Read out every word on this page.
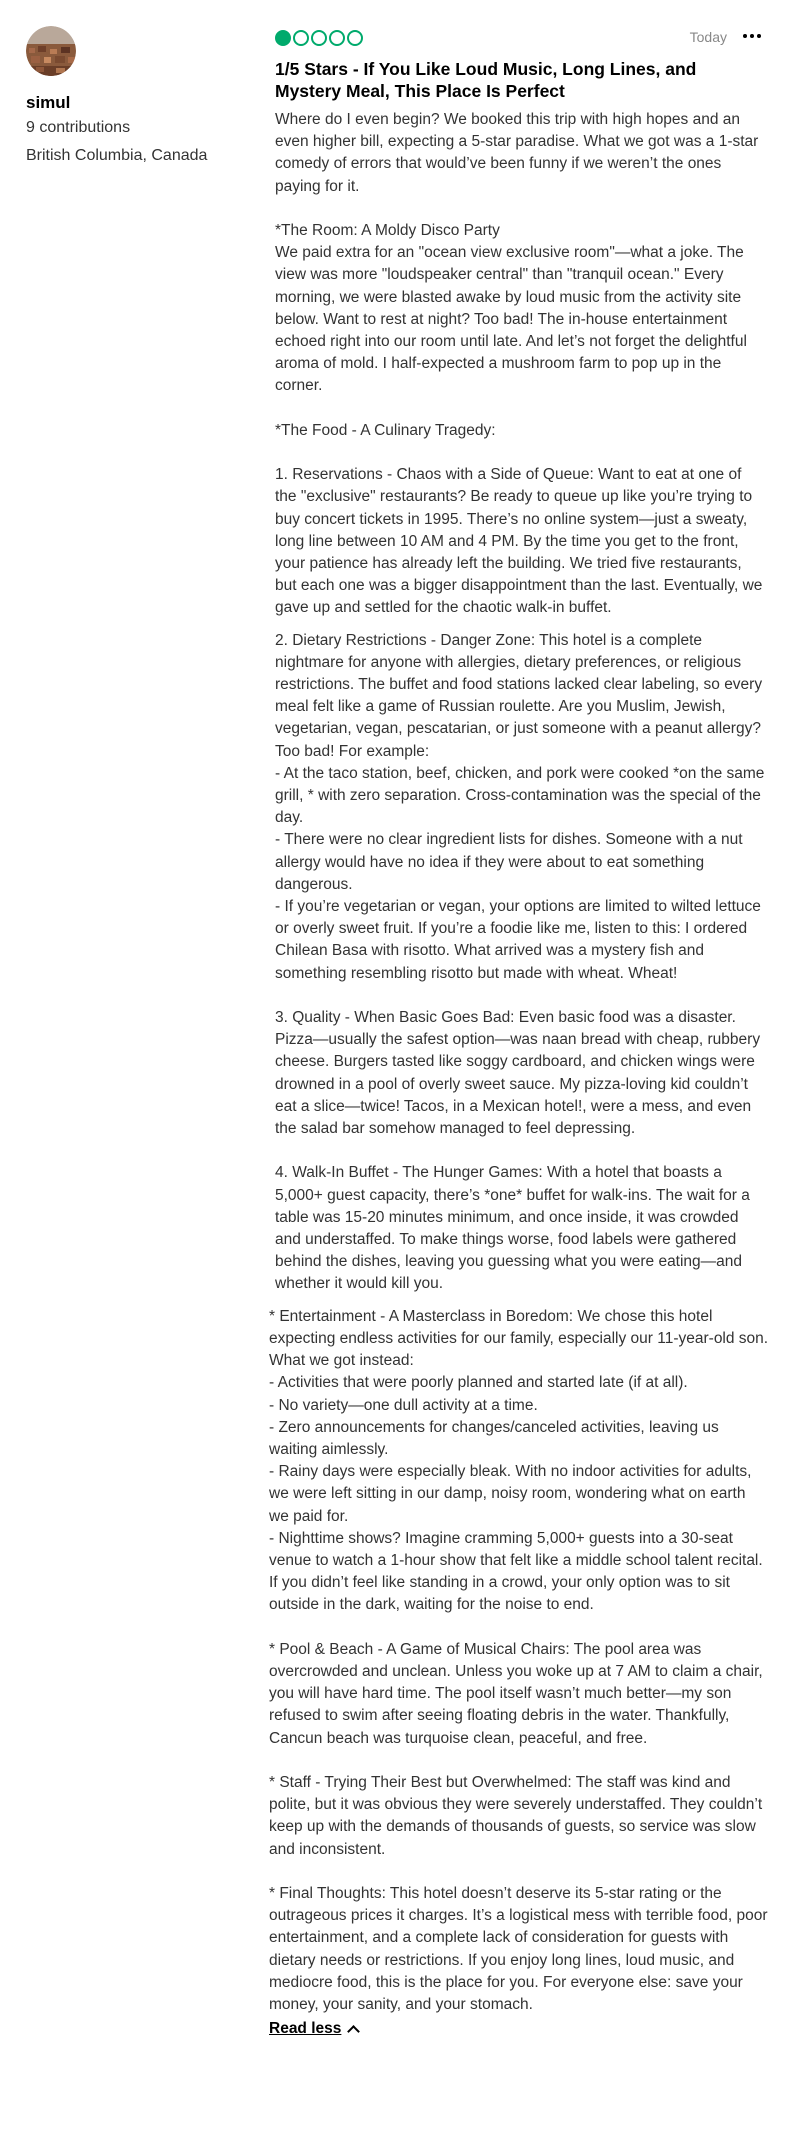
simul
9 contributions
British Columbia, Canada
Today
1/5 Stars - If You Like Loud Music, Long Lines, and Mystery Meal, This Place Is Perfect
Where do I even begin? We booked this trip with high hopes and an even higher bill, expecting a 5-star paradise. What we got was a 1-star comedy of errors that would’ve been funny if we weren’t the ones paying for it.
*The Room: A Moldy Disco Party
We paid extra for an "ocean view exclusive room"—what a joke. The view was more "loudspeaker central" than "tranquil ocean." Every morning, we were blasted awake by loud music from the activity site below. Want to rest at night? Too bad! The in-house entertainment echoed right into our room until late. And let’s not forget the delightful aroma of mold. I half-expected a mushroom farm to pop up in the corner.
*The Food - A Culinary Tragedy:
1. Reservations - Chaos with a Side of Queue: Want to eat at one of the "exclusive" restaurants? Be ready to queue up like you’re trying to buy concert tickets in 1995. There’s no online system—just a sweaty, long line between 10 AM and 4 PM. By the time you get to the front, your patience has already left the building. We tried five restaurants, but each one was a bigger disappointment than the last. Eventually, we gave up and settled for the chaotic walk-in buffet.
2. Dietary Restrictions - Danger Zone: This hotel is a complete nightmare for anyone with allergies, dietary preferences, or religious restrictions. The buffet and food stations lacked clear labeling, so every meal felt like a game of Russian roulette. Are you Muslim, Jewish, vegetarian, vegan, pescatarian, or just someone with a peanut allergy? Too bad! For example:
- At the taco station, beef, chicken, and pork were cooked *on the same grill, * with zero separation. Cross-contamination was the special of the day.
- There were no clear ingredient lists for dishes. Someone with a nut allergy would have no idea if they were about to eat something dangerous.
- If you’re vegetarian or vegan, your options are limited to wilted lettuce or overly sweet fruit. If you’re a foodie like me, listen to this: I ordered Chilean Basa with risotto. What arrived was a mystery fish and something resembling risotto but made with wheat. Wheat!
3. Quality - When Basic Goes Bad: Even basic food was a disaster. Pizza—usually the safest option—was naan bread with cheap, rubbery cheese. Burgers tasted like soggy cardboard, and chicken wings were drowned in a pool of overly sweet sauce. My pizza-loving kid couldn’t eat a slice—twice! Tacos, in a Mexican hotel!, were a mess, and even the salad bar somehow managed to feel depressing.
4. Walk-In Buffet - The Hunger Games: With a hotel that boasts a 5,000+ guest capacity, there’s *one* buffet for walk-ins. The wait for a table was 15-20 minutes minimum, and once inside, it was crowded and understaffed. To make things worse, food labels were gathered behind the dishes, leaving you guessing what you were eating—and whether it would kill you.
* Entertainment - A Masterclass in Boredom: We chose this hotel expecting endless activities for our family, especially our 11-year-old son. What we got instead:
- Activities that were poorly planned and started late (if at all).
- No variety—one dull activity at a time.
- Zero announcements for changes/canceled activities, leaving us waiting aimlessly.
- Rainy days were especially bleak. With no indoor activities for adults, we were left sitting in our damp, noisy room, wondering what on earth we paid for.
- Nighttime shows? Imagine cramming 5,000+ guests into a 30-seat venue to watch a 1-hour show that felt like a middle school talent recital. If you didn’t feel like standing in a crowd, your only option was to sit outside in the dark, waiting for the noise to end.
* Pool & Beach - A Game of Musical Chairs: The pool area was overcrowded and unclean. Unless you woke up at 7 AM to claim a chair, you will have hard time. The pool itself wasn’t much better—my son refused to swim after seeing floating debris in the water. Thankfully, Cancun beach was turquoise clean, peaceful, and free.
* Staff - Trying Their Best but Overwhelmed: The staff was kind and polite, but it was obvious they were severely understaffed. They couldn’t keep up with the demands of thousands of guests, so service was slow and inconsistent.
* Final Thoughts: This hotel doesn’t deserve its 5-star rating or the outrageous prices it charges. It’s a logistical mess with terrible food, poor entertainment, and a complete lack of consideration for guests with dietary needs or restrictions. If you enjoy long lines, loud music, and mediocre food, this is the place for you. For everyone else: save your money, your sanity, and your stomach.
Read less
